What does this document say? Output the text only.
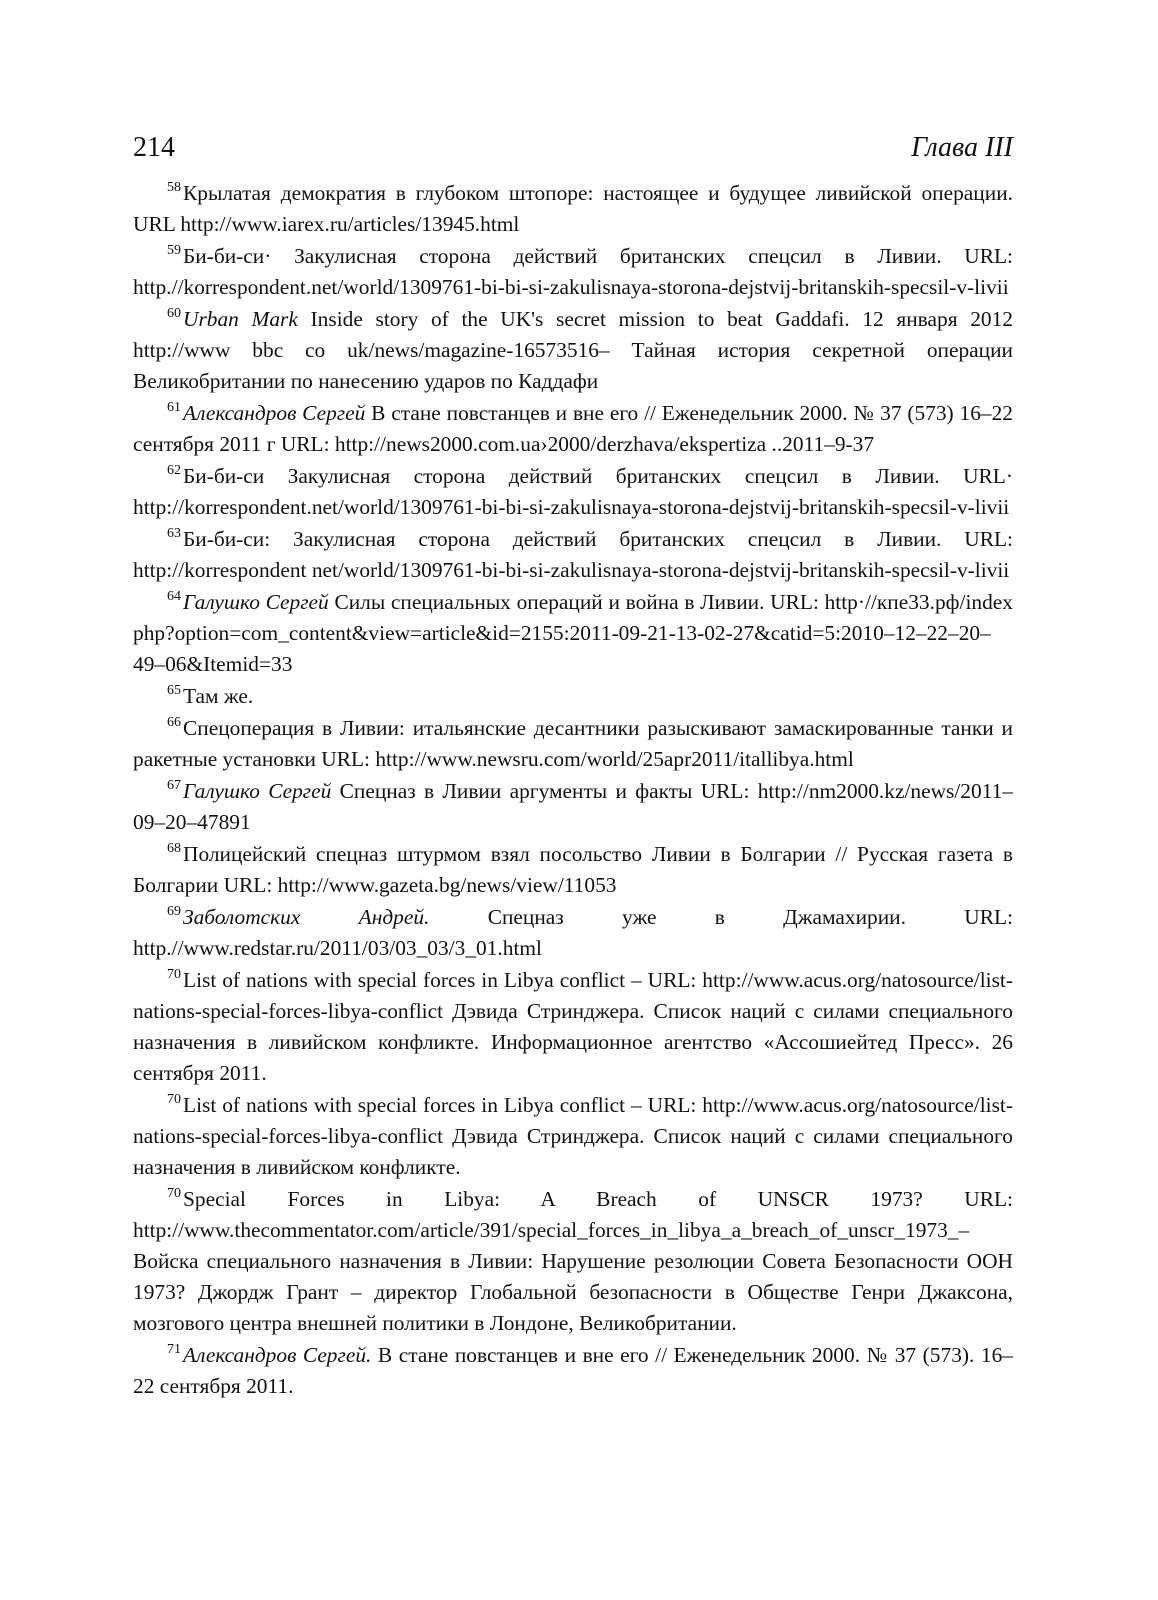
214	Глава III

$^{58}$Крылатая демократия в глубоком штопоре: настоящее и будущее ливийской операции. URL http://www.iarex.ru/articles/13945.html

$^{59}$Би-би-си· Закулисная сторона действий британских спецсил в Ливии. URL: http.//korrespondent.net/world/1309761-bi-bi-si-zakulisnaya-storona-dejstvij-britanskih-specsil-v-livii

$^{60}$Urban Mark Inside story of the UK's secret mission to beat Gaddafi. 12 января 2012 http://www bbc co uk/news/magazine-16573516– Тайная история секретной операции Великобритании по нанесению ударов по Каддафи

$^{61}$Александров Сергей В стане повстанцев и вне его // Еженедельник 2000. № 37 (573) 16–22 сентября 2011 г URL: http://news2000.com.ua›2000/derzhava/ekspertiza ..2011–9-37

$^{62}$Би-би-си Закулисная сторона действий британских спецсил в Ливии. URL· http://korrespondent.net/world/1309761-bi-bi-si-zakulisnaya-storona-dejstvij-britanskih-specsil-v-livii

$^{63}$Би-би-си: Закулисная сторона действий британских спецсил в Ливии. URL: http://korrespondent net/world/1309761-bi-bi-si-zakulisnaya-storona-dejstvij-britanskih-specsil-v-livii

$^{64}$Галушко Сергей Силы специальных операций и война в Ливии. URL: http·//кпе33.рф/index php?option=com_content&view=article&id=2155:2011-09-21-13-02-27&catid=5:2010–12–22–20–49–06&Itemid=33

$^{65}$Там же.

$^{66}$Спецоперация в Ливии: итальянские десантники разыскивают замаскированные танки и ракетные установки URL: http://www.newsru.com/world/25apr2011/itallibya.html

$^{67}$Галушко Сергей Спецназ в Ливии аргументы и факты URL: http://nm2000.kz/news/2011–09–20–47891

$^{68}$Полицейский спецназ штурмом взял посольство Ливии в Болгарии // Русская газета в Болгарии URL: http://www.gazeta.bg/news/view/11053

$^{69}$Заболотских Андрей. Спецназ уже в Джамахирии. URL: http.//www.redstar.ru/2011/03/03_03/3_01.html

$^{70}$List of nations with special forces in Libya conflict – URL: http://www.acus.org/natosource/list-nations-special-forces-libya-conflict Дэвида Стринджера. Список наций с силами специального назначения в ливийском конфликте. Информационное агентство «Ассошиейтед Пресс». 26 сентября 2011.

$^{70}$List of nations with special forces in Libya conflict – URL: http://www.acus.org/natosource/list-nations-special-forces-libya-conflict Дэвида Стринджера. Список наций с силами специального назначения в ливийском конфликте.

$^{70}$Special Forces in Libya: A Breach of UNSCR 1973? URL: http://www.thecommentator.com/article/391/special_forces_in_libya_a_breach_of_unscr_1973_– Войска специального назначения в Ливии: Нарушение резолюции Совета Безопасности ООН 1973? Джордж Грант – директор Глобальной безопасности в Обществе Генри Джаксона, мозгового центра внешней политики в Лондоне, Великобритании.

$^{71}$Александров Сергей. В стане повстанцев и вне его // Еженедельник 2000. № 37 (573). 16–22 сентября 2011.
